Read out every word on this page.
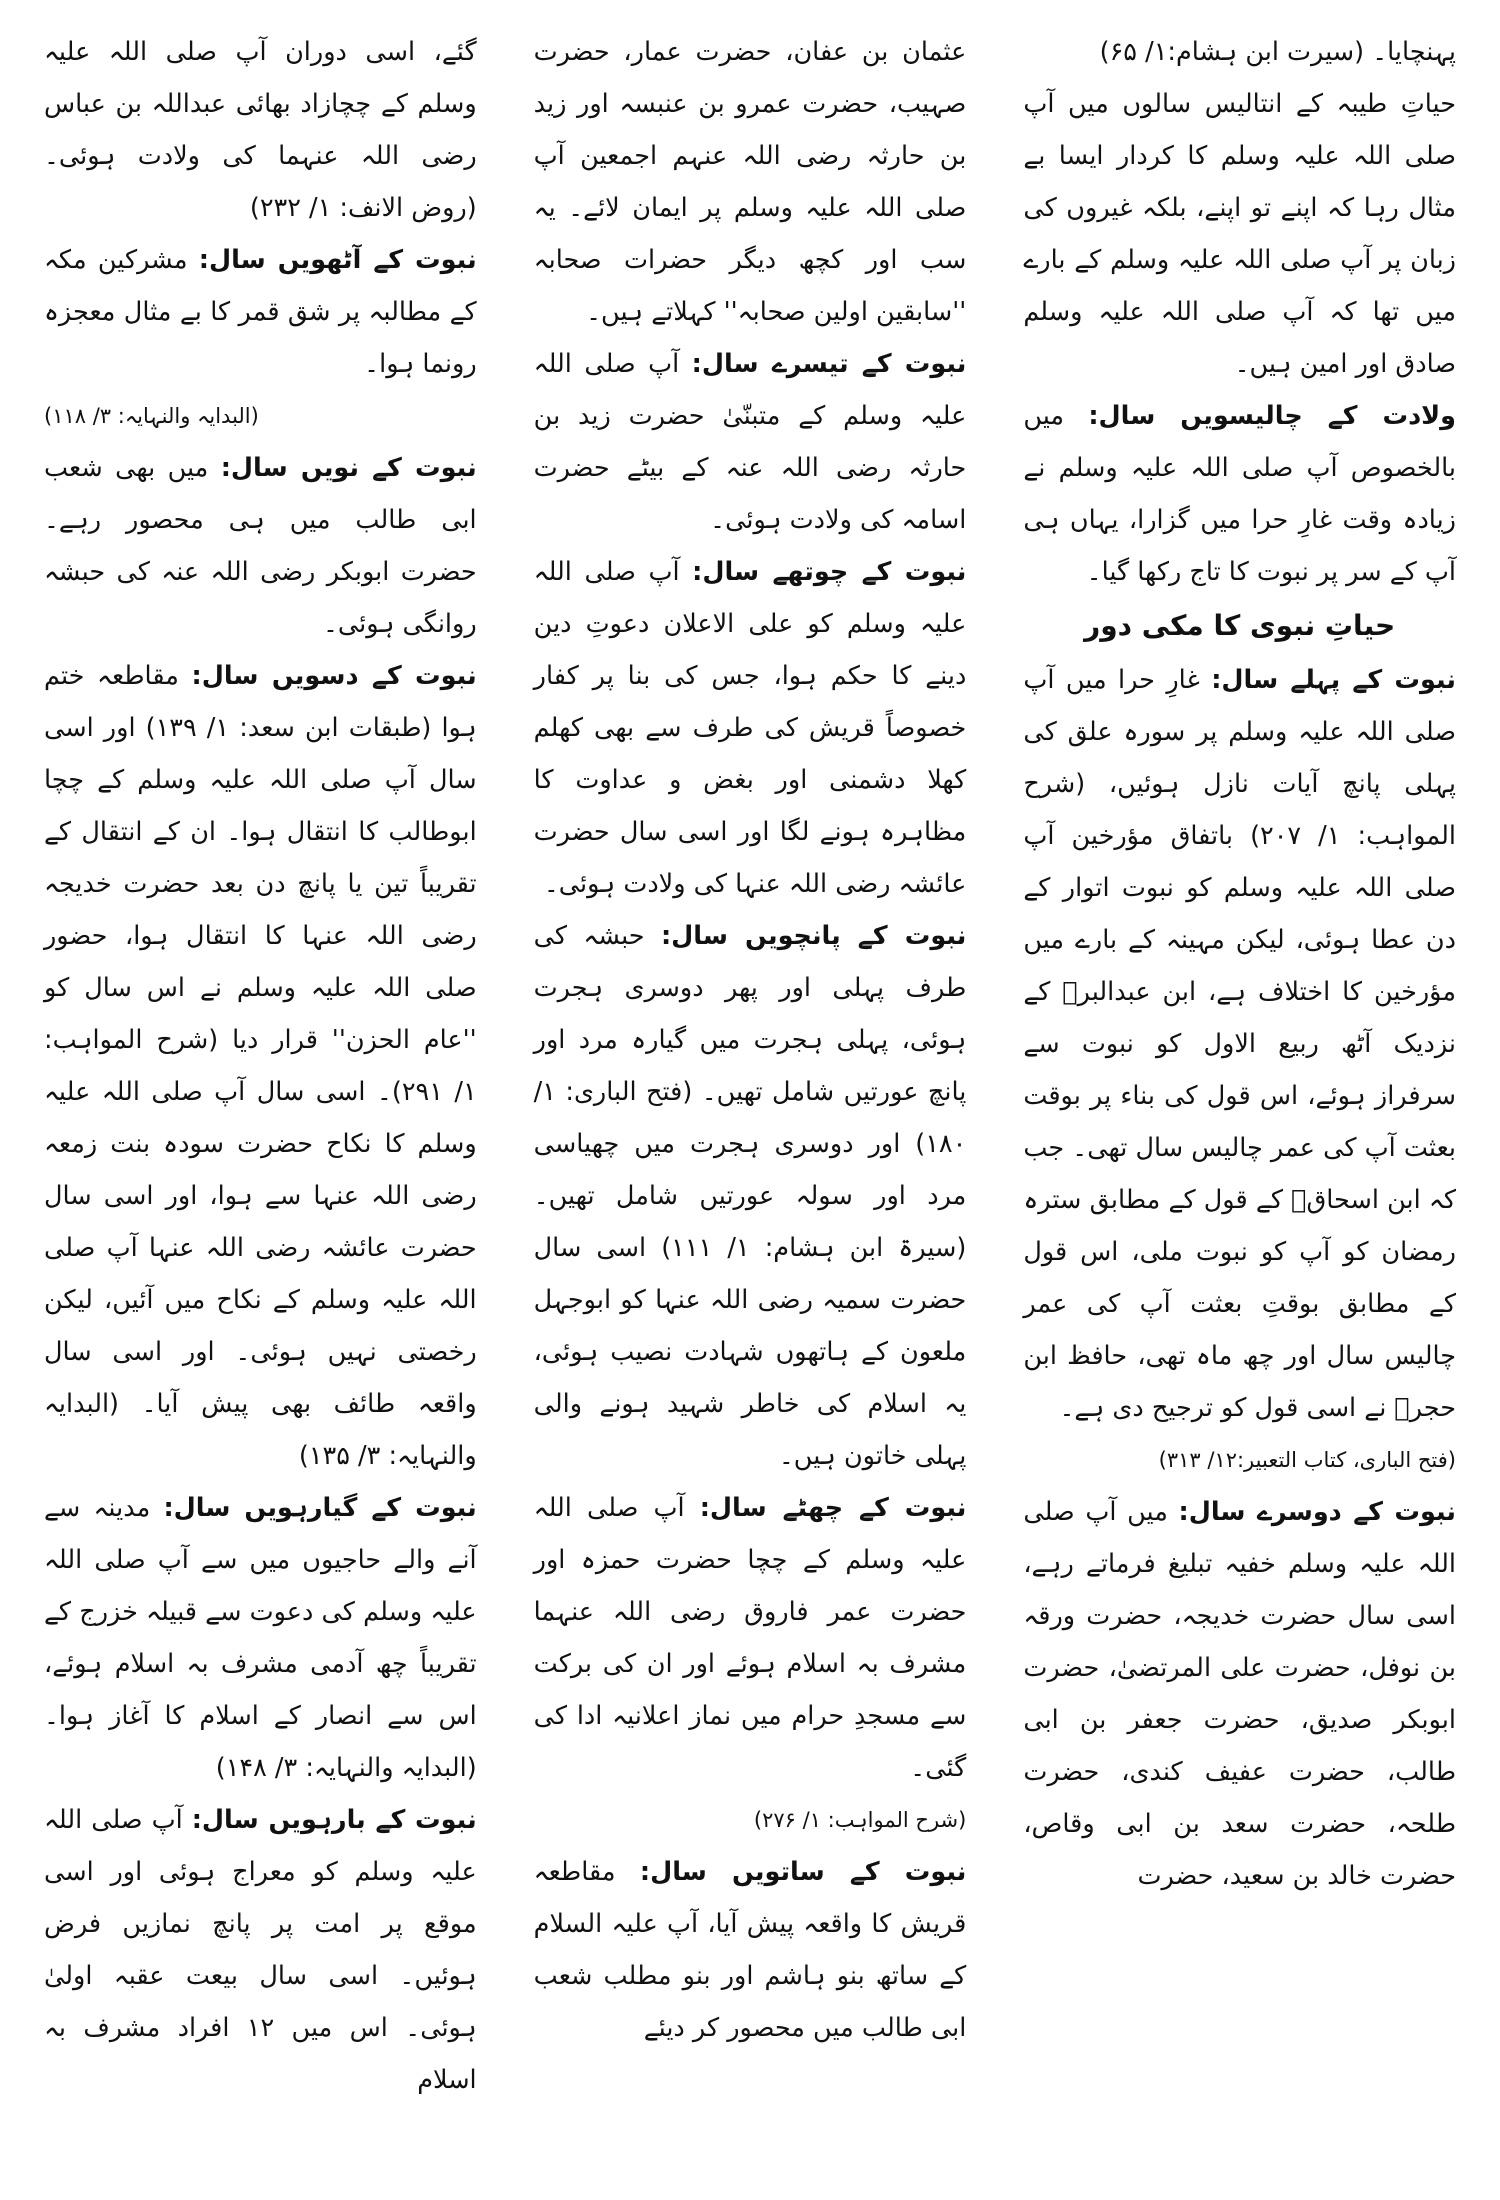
پہنچایا۔ (سیرت ابن ہشام:۱/ ۶۵)

حیاتِ طیبہ کے انتالیس سالوں میں آپ صلی اللہ علیہ وسلم کا کردار ایسا بے مثال رہا کہ اپنے تو اپنے، بلکہ غیروں کی زبان پر آپ صلی اللہ علیہ وسلم کے بارے میں تھا کہ آپ صلی اللہ علیہ وسلم صادق اور امین ہیں۔

ولادت کے چالیسویں سال: میں بالخصوص آپ صلی اللہ علیہ وسلم نے زیادہ وقت غارِ حرا میں گزارا، یہاں ہی آپ کے سر پر نبوت کا تاج رکھا گیا۔

حیاتِ نبوی کا مکی دور

نبوت کے پہلے سال: غارِ حرا میں آپ صلی اللہ علیہ وسلم پر سورہ علق کی پہلی پانچ آیات نازل ہوئیں، (شرح المواہب: ۱/ ۲۰۷) باتفاق مؤرخین آپ صلی اللہ علیہ وسلم کو نبوت اتوار کے دن عطا ہوئی، لیکن مہینہ کے بارے میں مؤرخین کا اختلاف ہے، ابن عبدالبرؒ کے نزدیک آٹھ ربیع الاول کو نبوت سے سرفراز ہوئے، اس قول کی بناء پر بوقت بعثت آپ کی عمر چالیس سال تھی۔ جب کہ ابن اسحاقؒ کے قول کے مطابق سترہ رمضان کو آپ کو نبوت ملی، اس قول کے مطابق بوقتِ بعثت آپ کی عمر چالیس سال اور چھ ماہ تھی، حافظ ابن حجرؒ نے اسی قول کو ترجیح دی ہے۔

(فتح الباری، کتاب التعبیر:۱۲/ ۳۱۳)

نبوت کے دوسرے سال: میں آپ صلی اللہ علیہ وسلم خفیہ تبلیغ فرماتے رہے، اسی سال حضرت خدیجہ، حضرت ورقہ بن نوفل، حضرت علی المرتضیٰ، حضرت ابوبکر صدیق، حضرت جعفر بن ابی طالب، حضرت عفیف کندی، حضرت طلحہ، حضرت سعد بن ابی وقاص، حضرت خالد بن سعید، حضرت

عثمان بن عفان، حضرت عمار، حضرت صہیب، حضرت عمرو بن عنبسہ اور زید بن حارثہ رضی اللہ عنہم اجمعین آپ صلی اللہ علیہ وسلم پر ایمان لائے۔ یہ سب اور کچھ دیگر حضرات صحابہ ''سابقین اولین صحابہ'' کہلاتے ہیں۔

نبوت کے تیسرے سال: آپ صلی اللہ علیہ وسلم کے متبنّیٰ حضرت زید بن حارثہ رضی اللہ عنہ کے بیٹے حضرت اسامہ کی ولادت ہوئی۔

نبوت کے چوتھے سال: آپ صلی اللہ علیہ وسلم کو علی الاعلان دعوتِ دین دینے کا حکم ہوا، جس کی بنا پر کفار خصوصاً قریش کی طرف سے بھی کھلم کھلا دشمنی اور بغض و عداوت کا مظاہرہ ہونے لگا اور اسی سال حضرت عائشہ رضی اللہ عنہا کی ولادت ہوئی۔

نبوت کے پانچویں سال: حبشہ کی طرف پہلی اور پھر دوسری ہجرت ہوئی، پہلی ہجرت میں گیارہ مرد اور پانچ عورتیں شامل تھیں۔ (فتح الباری: ۱/ ۱۸۰) اور دوسری ہجرت میں چھیاسی مرد اور سولہ عورتیں شامل تھیں۔ (سیرۃ ابن ہشام: ۱/ ۱۱۱) اسی سال حضرت سمیہ رضی اللہ عنہا کو ابوجہل ملعون کے ہاتھوں شہادت نصیب ہوئی، یہ اسلام کی خاطر شہید ہونے والی پہلی خاتون ہیں۔

نبوت کے چھٹے سال: آپ صلی اللہ علیہ وسلم کے چچا حضرت حمزہ اور حضرت عمر فاروق رضی اللہ عنہما مشرف بہ اسلام ہوئے اور ان کی برکت سے مسجدِ حرام میں نماز اعلانیہ ادا کی گئی۔

(شرح المواہب: ۱/ ۲۷۶)

نبوت کے ساتویں سال: مقاطعہ قریش کا واقعہ پیش آیا، آپ علیہ السلام کے ساتھ بنو ہاشم اور بنو مطلب شعب ابی طالب میں محصور کر دیئے

گئے، اسی دوران آپ صلی اللہ علیہ وسلم کے چچازاد بھائی عبداللہ بن عباس رضی اللہ عنہما کی ولادت ہوئی۔ (روض الانف: ۱/ ۲۳۲)

نبوت کے آٹھویں سال: مشرکین مکہ کے مطالبہ پر شق قمر کا بے مثال معجزہ رونما ہوا۔

(البدایہ والنہایہ: ۳/ ۱۱۸)

نبوت کے نویں سال: میں بھی شعب ابی طالب میں ہی محصور رہے۔ حضرت ابوبکر رضی اللہ عنہ کی حبشہ روانگی ہوئی۔

نبوت کے دسویں سال: مقاطعہ ختم ہوا (طبقات ابن سعد: ۱/ ۱۳۹) اور اسی سال آپ صلی اللہ علیہ وسلم کے چچا ابوطالب کا انتقال ہوا۔ ان کے انتقال کے تقریباً تین یا پانچ دن بعد حضرت خدیجہ رضی اللہ عنہا کا انتقال ہوا، حضور صلی اللہ علیہ وسلم نے اس سال کو ''عام الحزن'' قرار دیا (شرح المواہب: ۱/ ۲۹۱)۔ اسی سال آپ صلی اللہ علیہ وسلم کا نکاح حضرت سودہ بنت زمعہ رضی اللہ عنہا سے ہوا، اور اسی سال حضرت عائشہ رضی اللہ عنہا آپ صلی اللہ علیہ وسلم کے نکاح میں آئیں، لیکن رخصتی نہیں ہوئی۔ اور اسی سال واقعہ طائف بھی پیش آیا۔ (البدایہ والنہایہ: ۳/ ۱۳۵)

نبوت کے گیارہویں سال: مدینہ سے آنے والے حاجیوں میں سے آپ صلی اللہ علیہ وسلم کی دعوت سے قبیلہ خزرج کے تقریباً چھ آدمی مشرف بہ اسلام ہوئے، اس سے انصار کے اسلام کا آغاز ہوا۔ (البدایہ والنہایہ: ۳/ ۱۴۸)

نبوت کے بارہویں سال: آپ صلی اللہ علیہ وسلم کو معراج ہوئی اور اسی موقع پر امت پر پانچ نمازیں فرض ہوئیں۔ اسی سال بیعت عقبہ اولیٰ ہوئی۔ اس میں ۱۲ افراد مشرف بہ اسلام
